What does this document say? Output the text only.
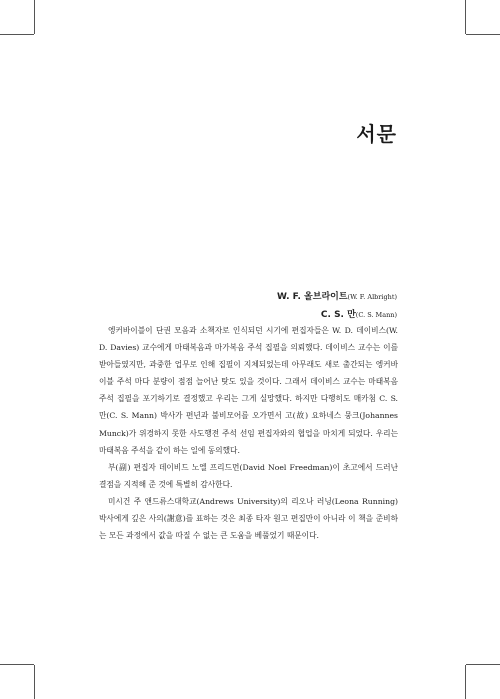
서문
W. F. 올브라이트(W. F. Albright)
C. S. 만(C. S. Mann)

엥커바이블이 단권 모음과 소책자로 인식되던 시기에 편집자들은 W. D. 데이비스(W. D. Davies) 교수에게 마태복음과 마가복음 주석 집필을 의뢰했다. 데이비스 교수는 이를 받아들였지만, 과중한 업무로 인해 집필이 지체되었는데 아무래도 새로 출간되는 엥커바이블 주석 마다 분량이 점점 늘어난 탓도 있을 것이다. 그래서 데이비스 교수는 마태복음 주석 집필을 포기하기로 결정했고 우리는 그게 실망했다. 하지만 다행히도 매카첨 C. S. 만(C. S. Mann) 박사가 편년과 불비모어를 오가면서 고(故) 요하네스 뭉크(Johannes Munck)가 위경하지 못한 사도행전 주석 선임 편집자와의 협업을 마치게 되었다. 우리는 마태복음 주석을 같이 하는 일에 동의했다.

부(副) 편집자 데이비드 노엘 프리드먼(David Noel Freedman)이 초고에서 드러난 결점을 지적해 준 것에 특별히 감사한다.

미시건 주 앤드류스대학교(Andrews University)의 리오나 러닝(Leona Running) 박사에게 깊은 사의(謝意)를 표하는 것은 최종 타자 원고 편집만이 아니라 이 책을 준비하는 모든 과정에서 값을 따질 수 없는 큰 도움을 베풀었기 때문이다.
